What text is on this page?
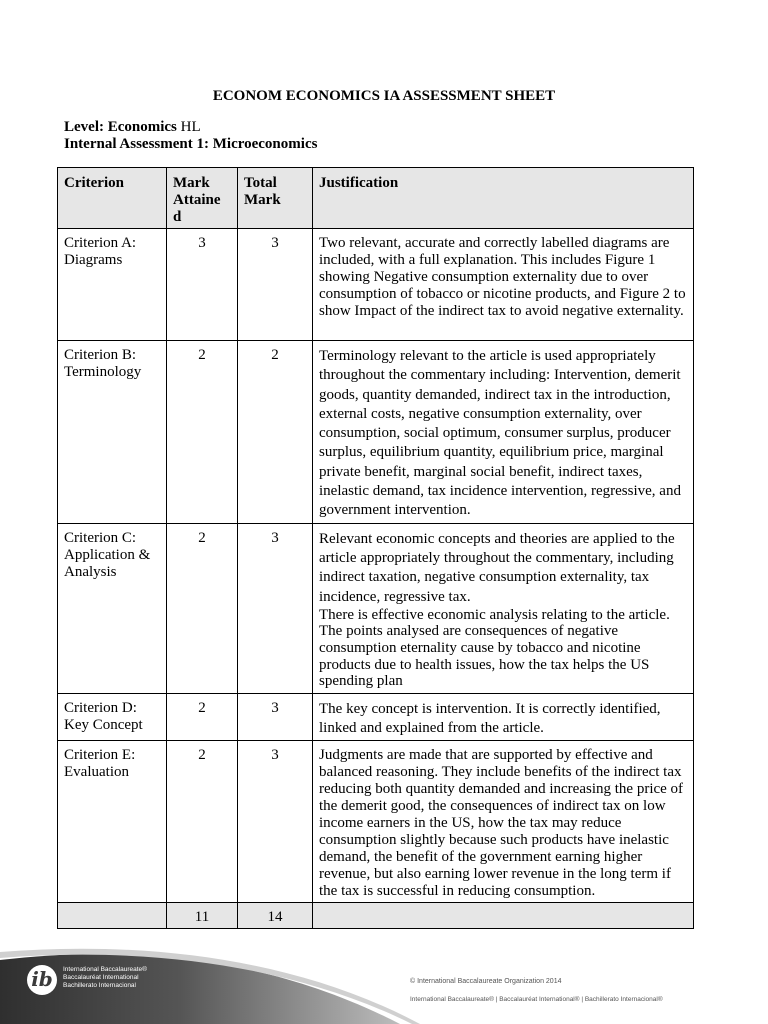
ECONOM ECONOMICS IA ASSESSMENT SHEET
Level: Economics HL
Internal Assessment 1: Microeconomics
Criterion	Mark Attaine d	Total Mark	Justification
Criterion A: Diagrams	3	3	Two relevant, accurate and correctly labelled diagrams are included, with a full explanation. This includes Figure 1 showing Negative consumption externality due to over consumption of tobacco or nicotine products, and Figure 2 to show Impact of the indirect tax to avoid negative externality.
Criterion B: Terminology	2	2	Terminology relevant to the article is used appropriately throughout the commentary including: Intervention, demerit goods, quantity demanded, indirect tax in the introduction, external costs, negative consumption externality, over consumption, social optimum, consumer surplus, producer surplus, equilibrium quantity, equilibrium price, marginal private benefit, marginal social benefit, indirect taxes, inelastic demand, tax incidence intervention, regressive, and government intervention.
Criterion C: Application & Analysis	2	3	Relevant economic concepts and theories are applied to the article appropriately throughout the commentary, including indirect taxation, negative consumption externality, tax incidence, regressive tax.
There is effective economic analysis relating to the article. The points analysed are consequences of negative consumption eternality cause by tobacco and nicotine products due to health issues, how the tax helps the US spending plan

Criterion D: Key Concept	2	3	The key concept is intervention. It is correctly identified, linked and explained from the article.
Criterion E: Evaluation	2	3	Judgments are made that are supported by effective and balanced reasoning. They include benefits of the indirect tax reducing both quantity demanded and increasing the price of the demerit good, the consequences of indirect tax on low income earners in the US, how the tax may reduce consumption slightly because such products have inelastic demand, the benefit of the government earning higher revenue, but also earning lower revenue in the long term if the tax is successful in reducing consumption.
	11	14	
ib	International Baccalaureate®
Baccalauréat International
Bachillerato Internacional
© International Baccalaureate Organization 2014
International Baccalaureate® | Baccalauréat International® | Bachillerato Internacional®
